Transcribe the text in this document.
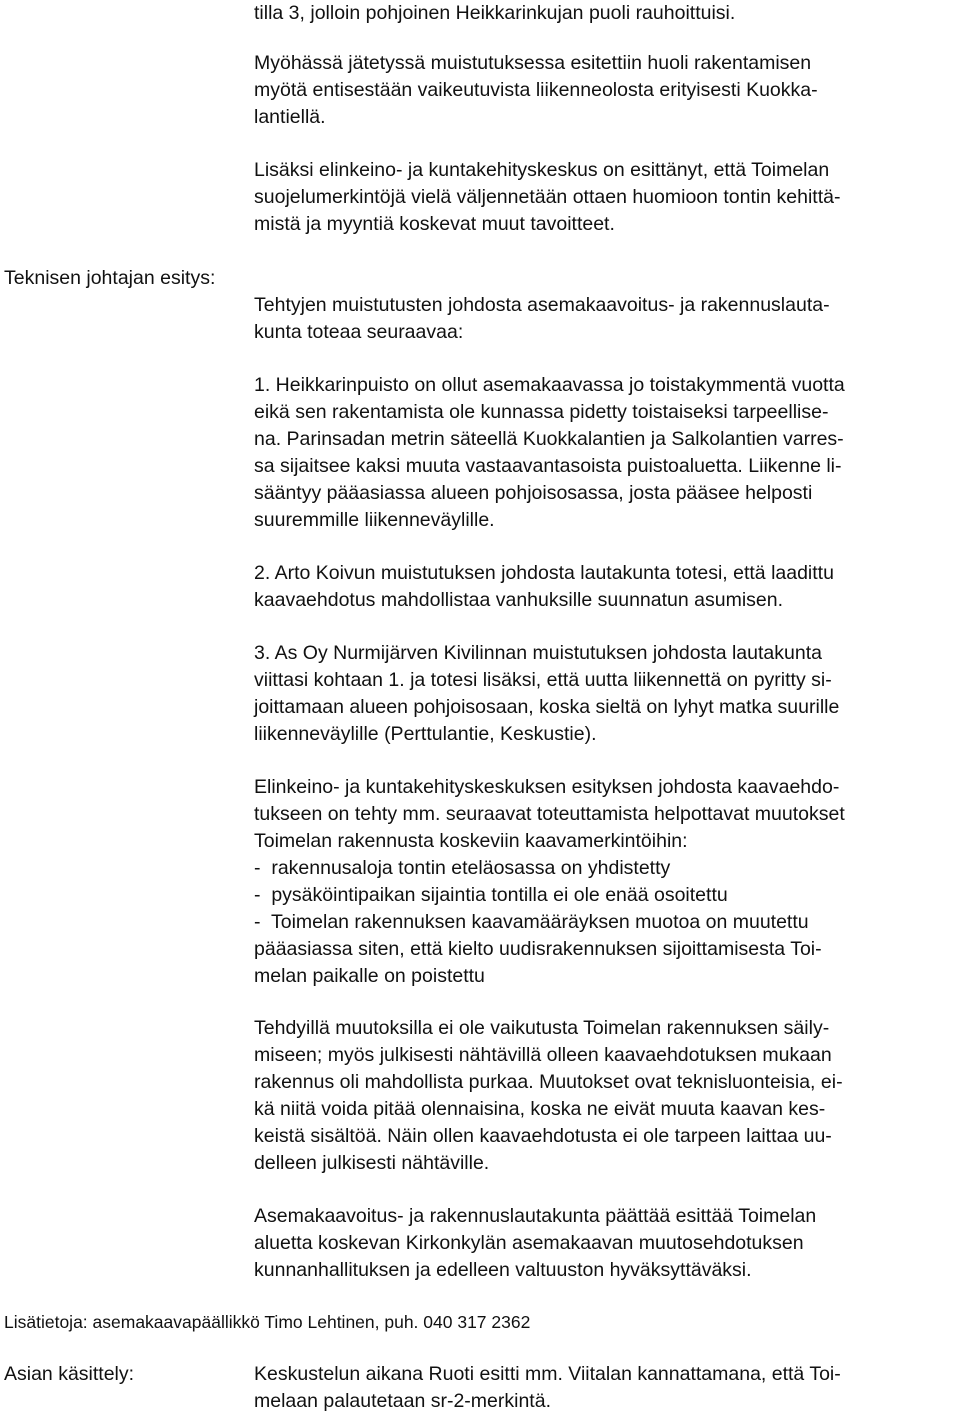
tilla 3, jolloin pohjoinen Heikkarinkujan puoli rauhoittuisi.

Myöhässä jätetyssä muistutuksessa esitettiin huoli rakentamisen

myötä entisestään vaikeutuvista liikenneolosta erityisesti Kuokka-

lantiellä.

Lisäksi elinkeino- ja kuntakehityskeskus on esittänyt, että Toimelan

suojelumerkintöjä vielä väljennetään ottaen huomioon tontin kehittä-

mistä ja myyntiä koskevat muut tavoitteet.

Teknisen johtajan esitys:

Tehtyjen muistutusten johdosta asemakaavoitus- ja rakennuslauta-

kunta toteaa seuraavaa:

1. Heikkarinpuisto on ollut asemakaavassa jo toistakymmentä vuotta

eikä sen rakentamista ole kunnassa pidetty toistaiseksi tarpeellise-

na. Parinsadan metrin säteellä Kuokkalantien ja Salkolantien varres-

sa sijaitsee kaksi muuta vastaavantasoista puistoaluetta. Liikenne li-

sääntyy pääasiassa alueen pohjoisosassa, josta pääsee helposti

suuremmille liikenneväylille.

2. Arto Koivun muistutuksen johdosta lautakunta totesi, että laadittu

kaavaehdotus mahdollistaa vanhuksille suunnatun asumisen.

3. As Oy Nurmijärven Kivilinnan muistutuksen johdosta lautakunta

viittasi kohtaan 1. ja totesi lisäksi, että uutta liikennettä on pyritty si-

joittamaan alueen pohjoisosaan, koska sieltä on lyhyt matka suurille

liikenneväylille (Perttulantie, Keskustie).

Elinkeino- ja kuntakehityskeskuksen esityksen johdosta kaavaehdo-

tukseen on tehty mm. seuraavat toteuttamista helpottavat muutokset

Toimelan rakennusta koskeviin kaavamerkintöihin:

-  rakennusaloja tontin eteläosassa on yhdistetty

-  pysäköintipaikan sijaintia tontilla ei ole enää osoitettu

-  Toimelan rakennuksen kaavamääräyksen muotoa on muutettu

pääasiassa siten, että kielto uudisrakennuksen sijoittamisesta Toi-

melan paikalle on poistettu

Tehdyillä muutoksilla ei ole vaikutusta Toimelan rakennuksen säily-

miseen; myös julkisesti nähtävillä olleen kaavaehdotuksen mukaan

rakennus oli mahdollista purkaa. Muutokset ovat teknisluonteisia, ei-

kä niitä voida pitää olennaisina, koska ne eivät muuta kaavan kes-

keistä sisältöä. Näin ollen kaavaehdotusta ei ole tarpeen laittaa uu-

delleen julkisesti nähtäville.

Asemakaavoitus- ja rakennuslautakunta päättää esittää Toimelan

aluetta koskevan Kirkonkylän asemakaavan muutosehdotuksen

kunnanhallituksen ja edelleen valtuuston hyväksyttäväksi.

Lisätietoja: asemakaavapäällikkö Timo Lehtinen, puh. 040 317 2362

Asian käsittely:	Keskustelun aikana Ruoti esitti mm. Viitalan kannattamana, että Toi-

melaan palautetaan sr-2-merkintä.
